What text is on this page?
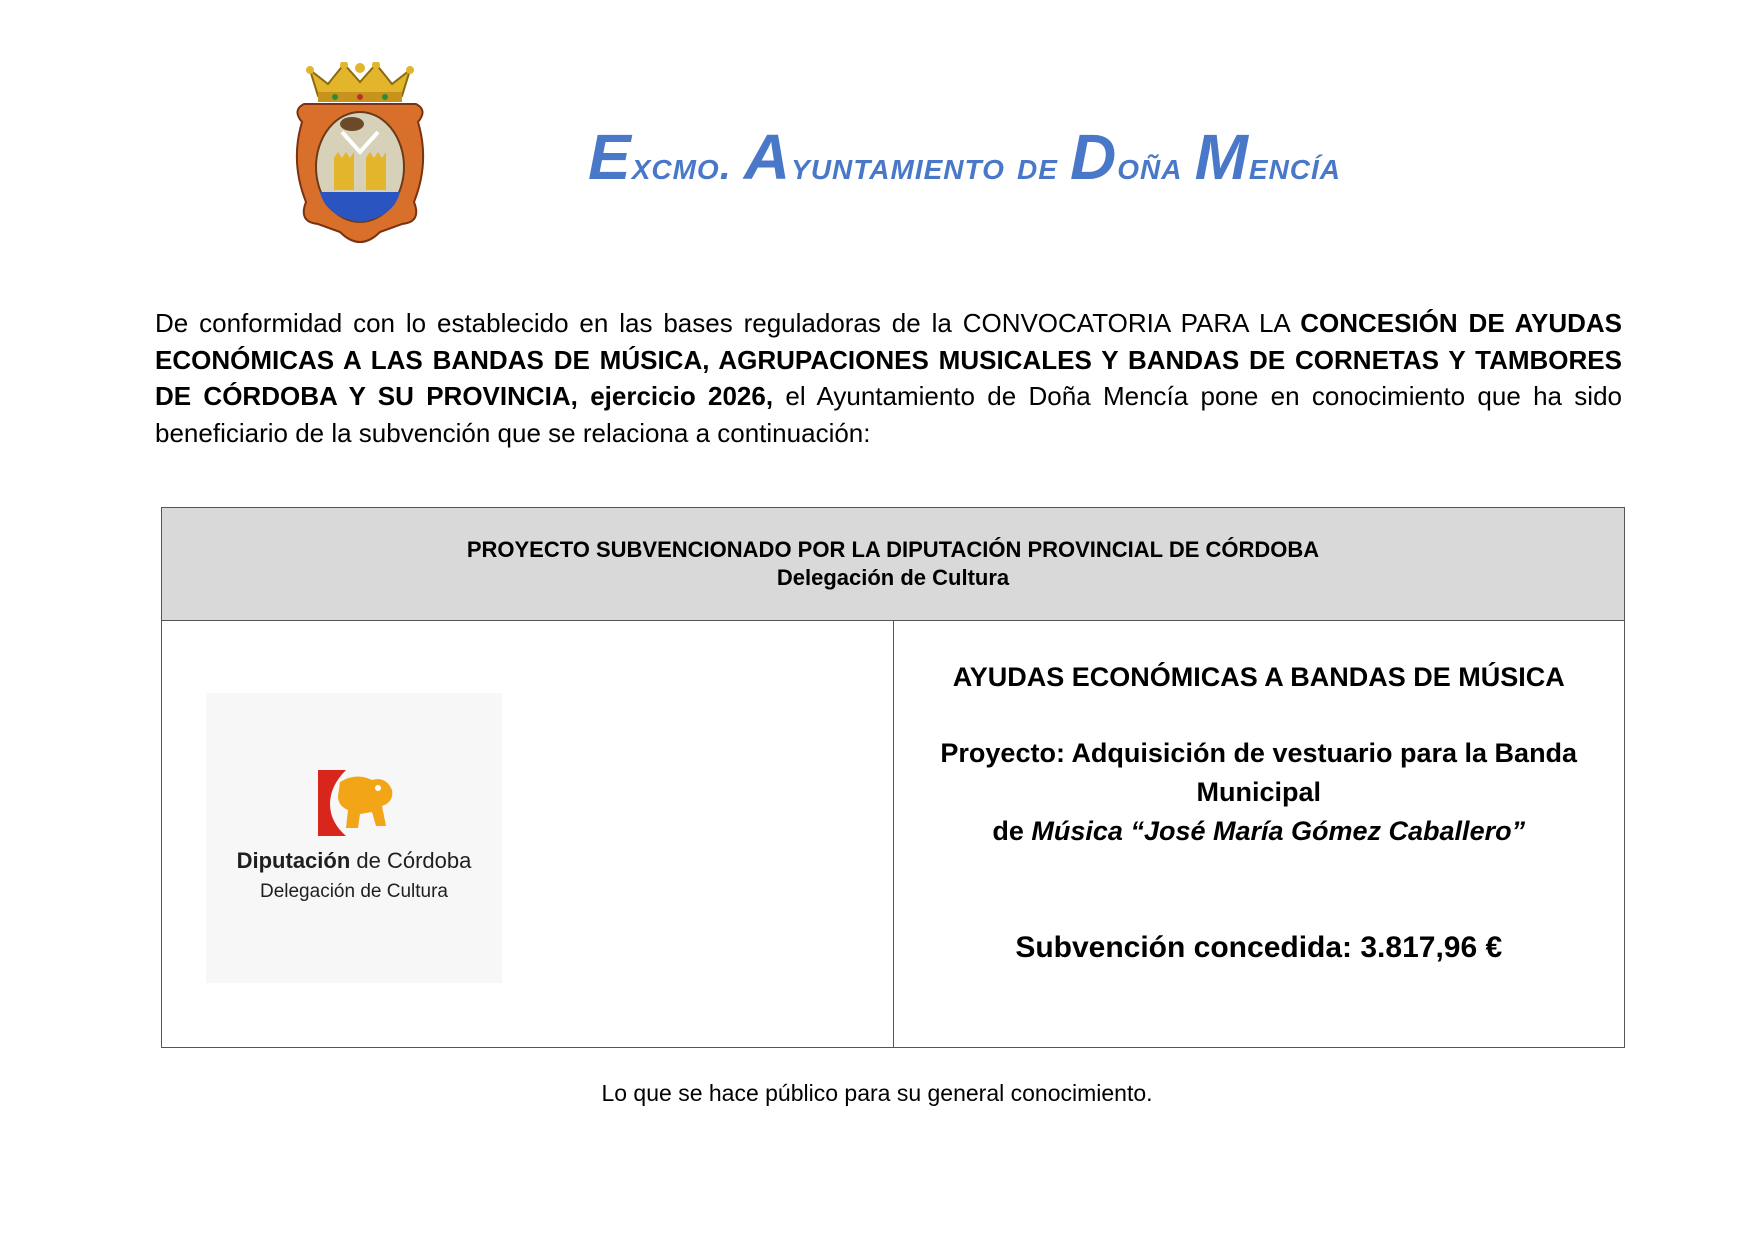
Excmo. Ayuntamiento de Doña Mencía
De conformidad con lo establecido en las bases reguladoras de la CONVOCATORIA PARA LA CONCESIÓN DE AYUDAS ECONÓMICAS A LAS BANDAS DE MÚSICA, AGRUPACIONES MUSICALES Y BANDAS DE CORNETAS Y TAMBORES DE CÓRDOBA Y SU PROVINCIA, ejercicio 2026, el Ayuntamiento de Doña Mencía pone en conocimiento que ha sido beneficiario de la subvención que se relaciona a continuación:
PROYECTO SUBVENCIONADO POR LA DIPUTACIÓN PROVINCIAL DE CÓRDOBA
Delegación de Cultura

Diputación de Córdoba
Delegación de Cultura

AYUDAS ECONÓMICAS A BANDAS DE MÚSICA
Proyecto: Adquisición de vestuario para la Banda Municipal
de Música “José María Gómez Caballero”
Subvención concedida: 3.817,96 €
Lo que se hace público para su general conocimiento.
